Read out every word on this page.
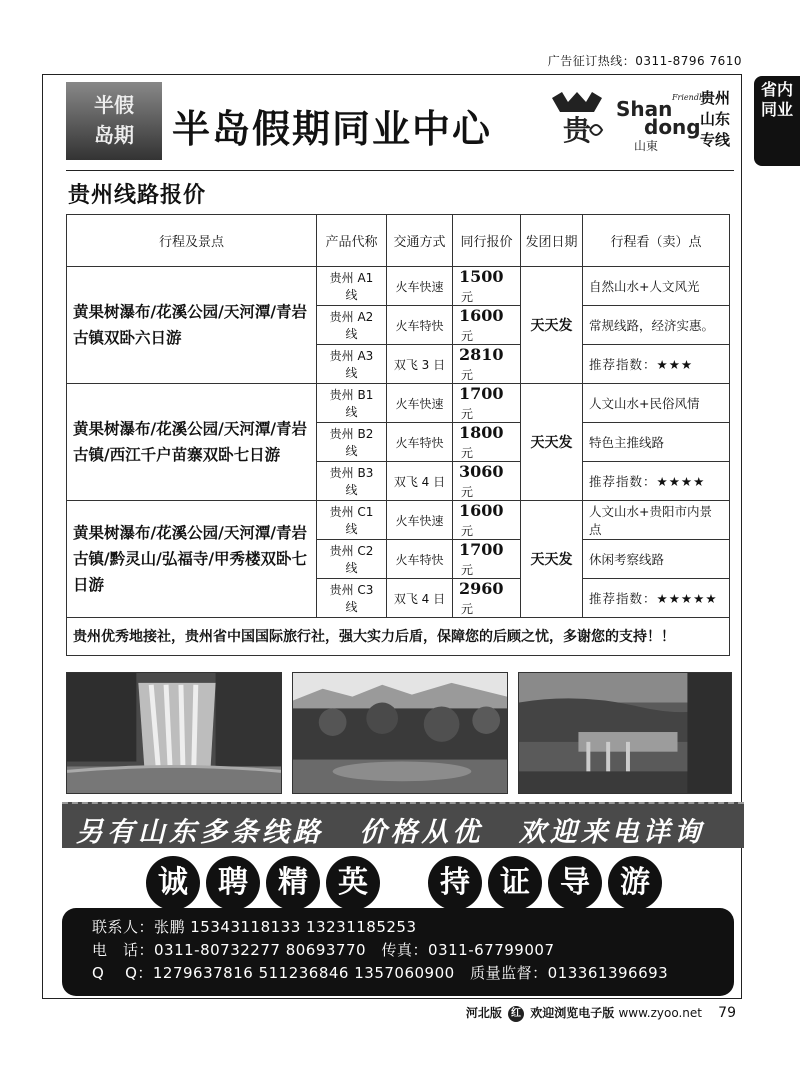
广告征订热线：0311-8796 7610
省内
同业
半假
岛期	半岛假期同业中心	贵
Friendly
Shan
dong
山東
贵州
山东
专线
贵州线路报价
行程及景点	产品代称	交通方式	同行报价	发团日期	行程看（卖）点
黄果树瀑布/花溪公园/天河潭/青岩古镇双卧六日游	贵州 A1 线	火车快速	1500元	天天发	自然山水+人文风光
	贵州 A2 线	火车特快	1600元		常规线路，经济实惠。
	贵州 A3 线	双飞 3 日	2810元		推荐指数：★★★
黄果树瀑布/花溪公园/天河潭/青岩古镇/西江千户苗寨双卧七日游	贵州 B1 线	火车快速	1700元	天天发	人文山水+民俗风情
	贵州 B2 线	火车特快	1800元		特色主推线路
	贵州 B3 线	双飞 4 日	3060元		推荐指数：★★★★
黄果树瀑布/花溪公园/天河潭/青岩古镇/黔灵山/弘福寺/甲秀楼双卧七日游	贵州 C1 线	火车快速	1600元	天天发	人文山水+贵阳市内景点
	贵州 C2 线	火车特快	1700元		休闲考察线路
	贵州 C3 线	双飞 4 日	2960元		推荐指数：★★★★★
贵州优秀地接社，贵州省中国国际旅行社，强大实力后盾，保障您的后顾之忧，多谢您的支持！！					
另有山东多条线路 价格从优 欢迎来电详询
诚	聘	精	英	持	证	导	游
联系人：张鹏 15343118133 13231185253
电　话：0311-80732277 80693770　传真：0311-67799007
Q　 Q：1279637816 511236846 1357060900　质量监督：013361396693
河北版 红 欢迎浏览电子版 www.zyoo.net 79
